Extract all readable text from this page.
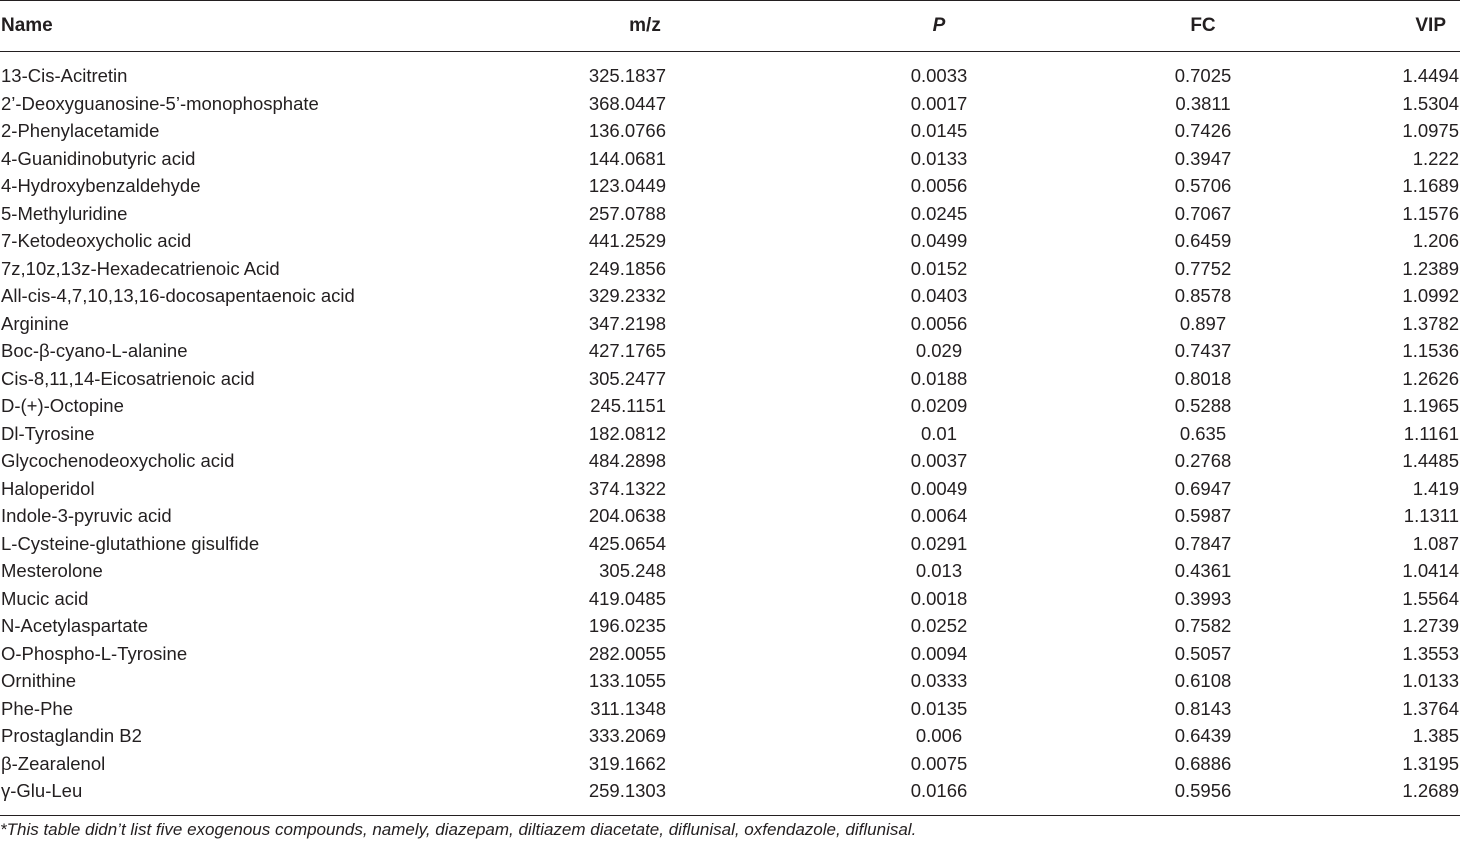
Name	m/z	P	FC	VIP
13-Cis-Acitretin	325.1837	0.0033	0.7025	1.4494
2’-Deoxyguanosine-5’-monophosphate	368.0447	0.0017	0.3811	1.5304
2-Phenylacetamide	136.0766	0.0145	0.7426	1.0975
4-Guanidinobutyric acid	144.0681	0.0133	0.3947	1.222
4-Hydroxybenzaldehyde	123.0449	0.0056	0.5706	1.1689
5-Methyluridine	257.0788	0.0245	0.7067	1.1576
7-Ketodeoxycholic acid	441.2529	0.0499	0.6459	1.206
7z,10z,13z-Hexadecatrienoic Acid	249.1856	0.0152	0.7752	1.2389
All-cis-4,7,10,13,16-docosapentaenoic acid	329.2332	0.0403	0.8578	1.0992
Arginine	347.2198	0.0056	0.897	1.3782
Boc-β-cyano-L-alanine	427.1765	0.029	0.7437	1.1536
Cis-8,11,14-Eicosatrienoic acid	305.2477	0.0188	0.8018	1.2626
D-(+)-Octopine	245.1151	0.0209	0.5288	1.1965
Dl-Tyrosine	182.0812	0.01	0.635	1.1161
Glycochenodeoxycholic acid	484.2898	0.0037	0.2768	1.4485
Haloperidol	374.1322	0.0049	0.6947	1.419
Indole-3-pyruvic acid	204.0638	0.0064	0.5987	1.1311
L-Cysteine-glutathione gisulfide	425.0654	0.0291	0.7847	1.087
Mesterolone	305.248	0.013	0.4361	1.0414
Mucic acid	419.0485	0.0018	0.3993	1.5564
N-Acetylaspartate	196.0235	0.0252	0.7582	1.2739
O-Phospho-L-Tyrosine	282.0055	0.0094	0.5057	1.3553
Ornithine	133.1055	0.0333	0.6108	1.0133
Phe-Phe	311.1348	0.0135	0.8143	1.3764
Prostaglandin B2	333.2069	0.006	0.6439	1.385
β-Zearalenol	319.1662	0.0075	0.6886	1.3195
γ-Glu-Leu	259.1303	0.0166	0.5956	1.2689
*This table didn’t list five exogenous compounds, namely, diazepam, diltiazem diacetate, diflunisal, oxfendazole, diflunisal.
